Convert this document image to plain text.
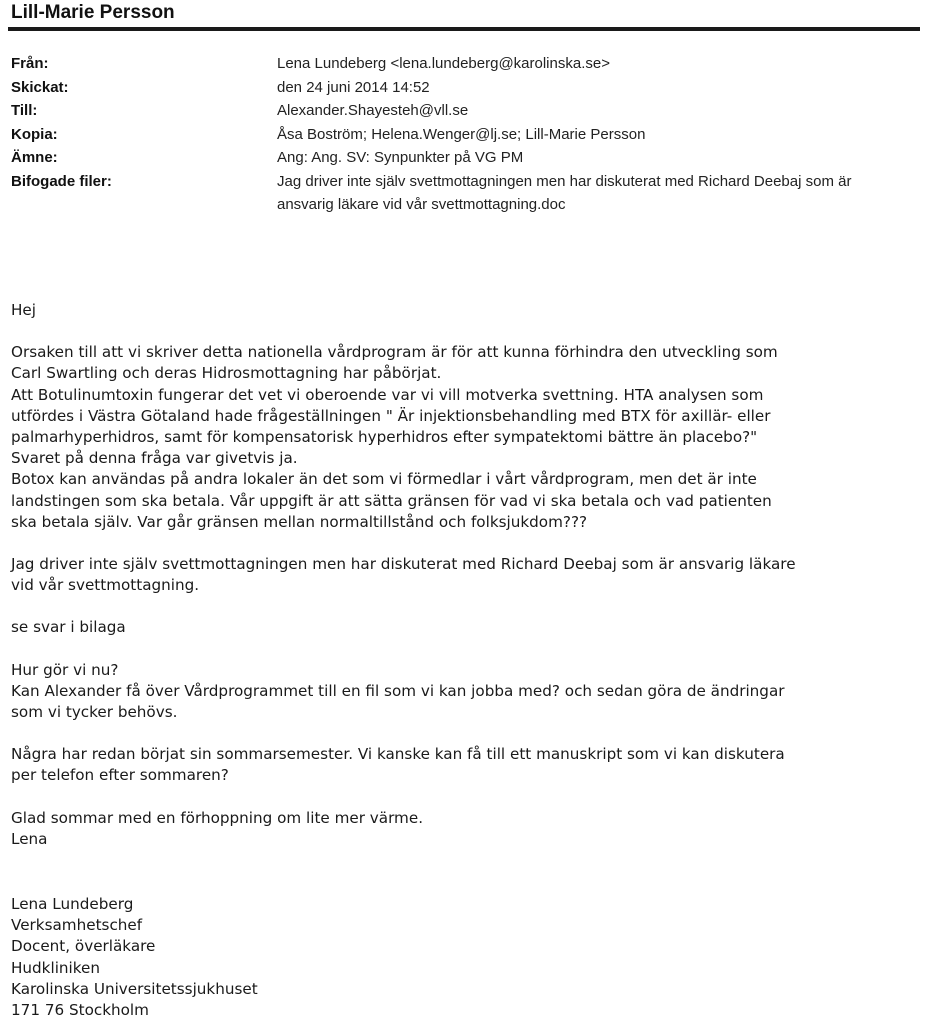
Lill-Marie Persson
Från:	Lena Lundeberg <lena.lundeberg@karolinska.se>
Skickat:	den 24 juni 2014 14:52
Till:	Alexander.Shayesteh@vll.se
Kopia:	Åsa Boström; Helena.Wenger@lj.se; Lill-Marie Persson
Ämne:	Ang: Ang. SV: Synpunkter på VG PM
Bifogade filer:	Jag driver inte själv svettmottagningen men har diskuterat med Richard Deebaj som är ansvarig läkare vid vår svettmottagning.doc

Hej

Orsaken till att vi skriver detta nationella vårdprogram är för att kunna förhindra den utveckling som
Carl Swartling och deras Hidrosmottagning har påbörjat.
Att Botulinumtoxin fungerar det vet vi oberoende var vi vill motverka svettning. HTA analysen som
utfördes i Västra Götaland hade frågeställningen " Är injektionsbehandling med BTX för axillär- eller
palmarhyperhidros, samt för kompensatorisk hyperhidros efter sympatektomi bättre än placebo?"
Svaret på denna fråga var givetvis ja.
Botox kan användas på andra lokaler än det som vi förmedlar i vårt vårdprogram, men det är inte
landstingen som ska betala. Vår uppgift är att sätta gränsen för vad vi ska betala och vad patienten
ska betala själv. Var går gränsen mellan normaltillstånd och folksjukdom???
Jag driver inte själv svettmottagningen men har diskuterat med Richard Deebaj som är ansvarig läkare
vid vår svettmottagning.
se svar i bilaga
Hur gör vi nu?
Kan Alexander få över Vårdprogrammet till en fil som vi kan jobba med? och sedan göra de ändringar
som vi tycker behövs.
Några har redan börjat sin sommarsemester. Vi kanske kan få till ett manuskript som vi kan diskutera
per telefon efter sommaren?
Glad sommar med en förhoppning om lite mer värme.
Lena
Lena Lundeberg
Verksamhetschef
Docent, överläkare
Hudkliniken
Karolinska Universitetssjukhuset
171 76 Stockholm
